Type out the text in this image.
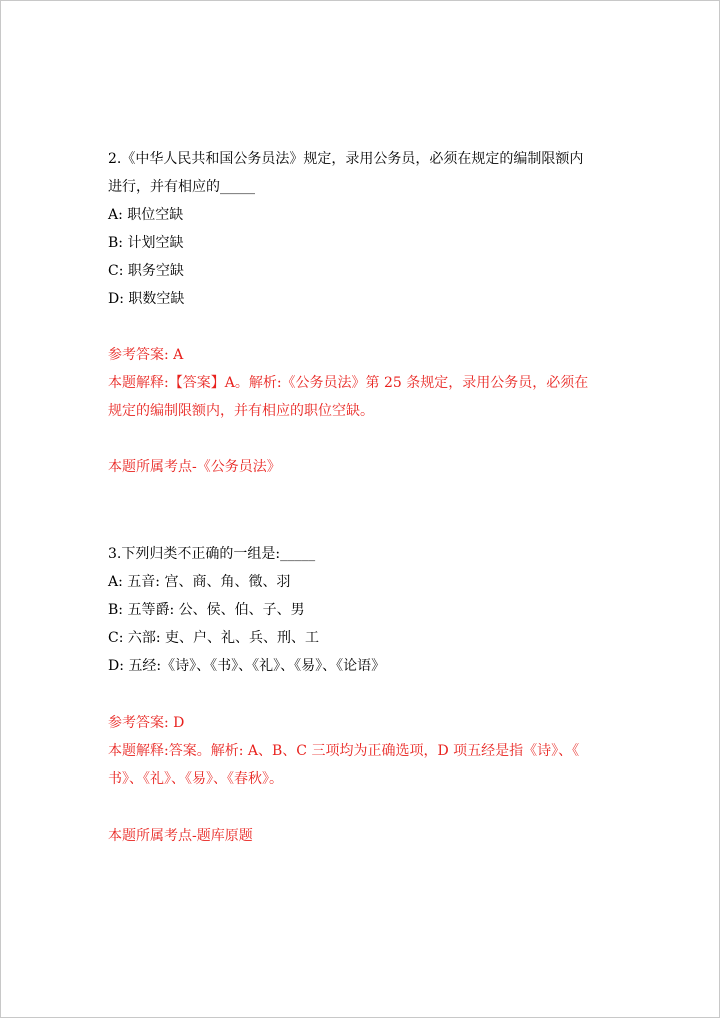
2.《中华人民共和国公务员法》规定，录用公务员，必须在规定的编制限额内
进行，并有相应的_____
A: 职位空缺
B: 计划空缺
C: 职务空缺
D: 职数空缺
参考答案: A
本题解释:【答案】A。解析:《公务员法》第 25 条规定，录用公务员，必须在
规定的编制限额内，并有相应的职位空缺。
本题所属考点-《公务员法》
3.下列归类不正确的一组是:_____
A: 五音: 宫、商、角、徵、羽
B: 五等爵: 公、侯、伯、子、男
C: 六部: 吏、户、礼、兵、刑、工
D: 五经:《诗》、《书》、《礼》、《易》、《论语》
参考答案: D
本题解释:答案。解析: A、B、C 三项均为正确选项，D 项五经是指《诗》、《
书》、《礼》、《易》、《春秋》。
本题所属考点-题库原题
